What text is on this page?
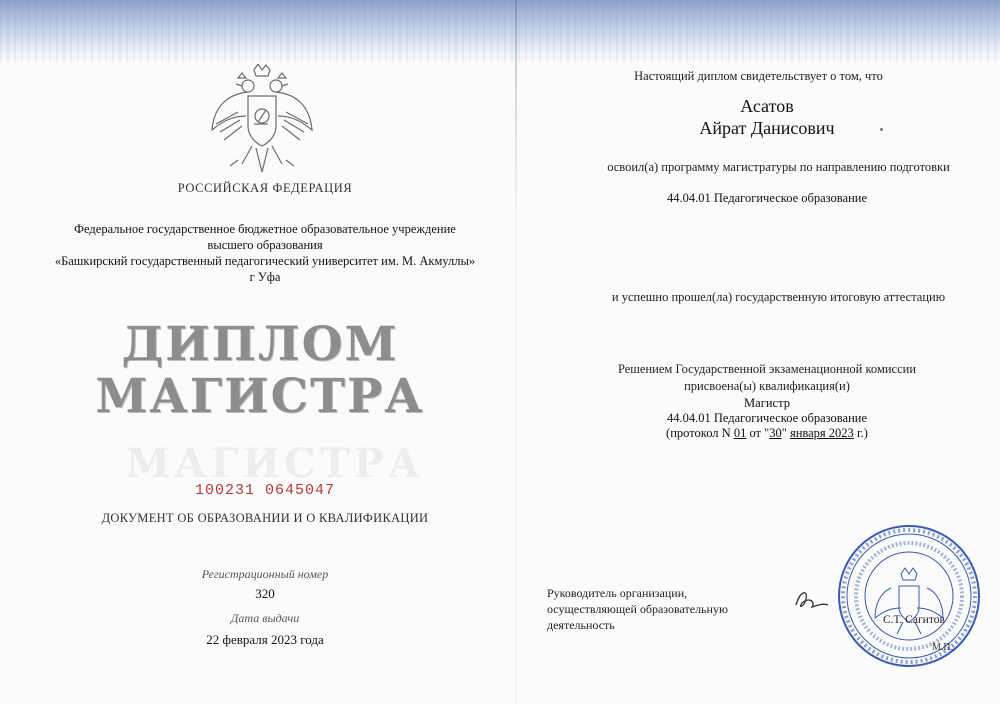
РОССИЙСКАЯ ФЕДЕРАЦИЯ
Федеральное государственное бюджетное образовательное учреждение
высшего образования
«Башкирский государственный педагогический университет им. М. Акмуллы»
г Уфа
ДИПЛОМ
МАГИСТРА
МАГИСТРА
100231 0645047
ДОКУМЕНТ ОБ ОБРАЗОВАНИИ И О КВАЛИФИКАЦИИ
Регистрационный номер
320
Дата выдачи
22 февраля 2023 года
Настоящий диплом свидетельствует о том, что
Асатов
Айрат Данисович
освоил(а) программу магистратуры по направлению подготовки
44.04.01 Педагогическое образование
и успешно прошел(ла) государственную итоговую аттестацию
Решением Государственной экзаменационной комиссии
присвоена(ы) квалификация(и)
Магистр
44.04.01 Педагогическое образование
(протокол N 01 от "30" января 2023 г.)
Руководитель организации,
осуществляющей образовательную
деятельность	С.Т. Сагитов
М.П.
